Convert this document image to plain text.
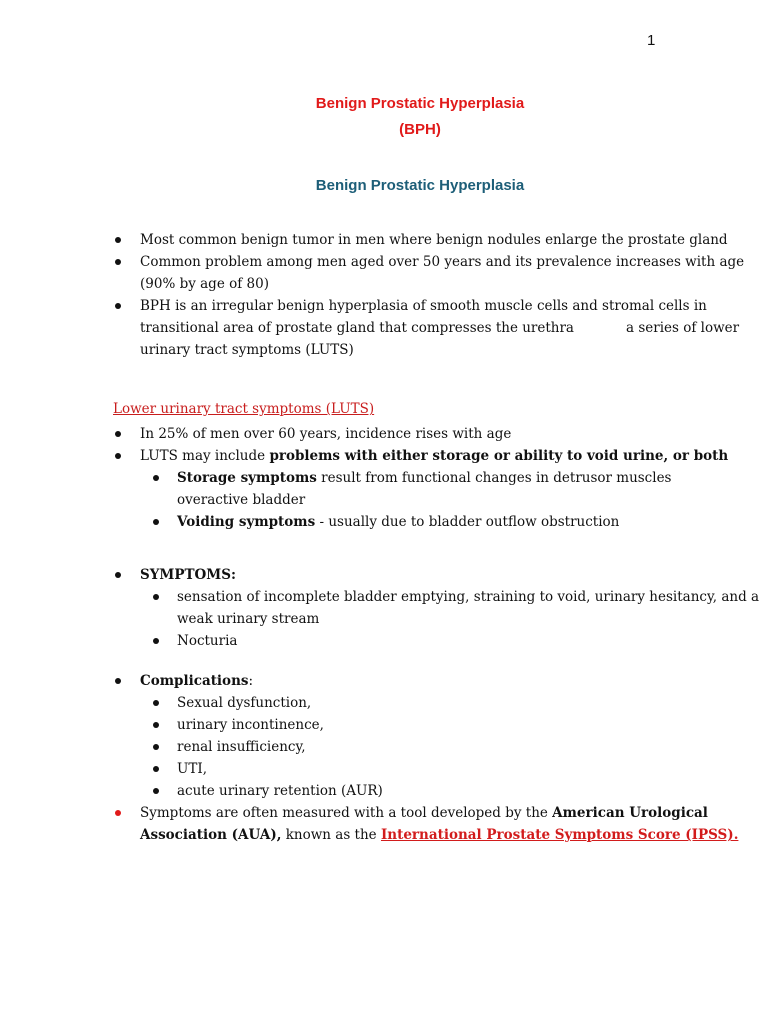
1
Benign Prostatic Hyperplasia
(BPH)
Benign Prostatic Hyperplasia
Most common benign tumor in men where benign nodules enlarge the prostate gland
Common problem among men aged over 50 years and its prevalence increases with age
(90% by age of 80)
BPH is an irregular benign hyperplasia of smooth muscle cells and stromal cells in
transitional area of prostate gland that compresses the urethra	a series of lower
urinary tract symptoms (LUTS)
Lower urinary tract symptoms (LUTS)
In 25% of men over 60 years, incidence rises with age
LUTS may include problems with either storage or ability to void urine, or both
Storage symptoms result from functional changes in detrusor muscles
overactive bladder
Voiding symptoms - usually due to bladder outflow obstruction
SYMPTOMS:
sensation of incomplete bladder emptying, straining to void, urinary hesitancy, and a
weak urinary stream
Nocturia
Complications:
Sexual dysfunction,
urinary incontinence,
renal insufficiency,
UTI,
acute urinary retention (AUR)
Symptoms are often measured with a tool developed by the American Urological
Association (AUA), known as the International Prostate Symptoms Score (IPSS).
